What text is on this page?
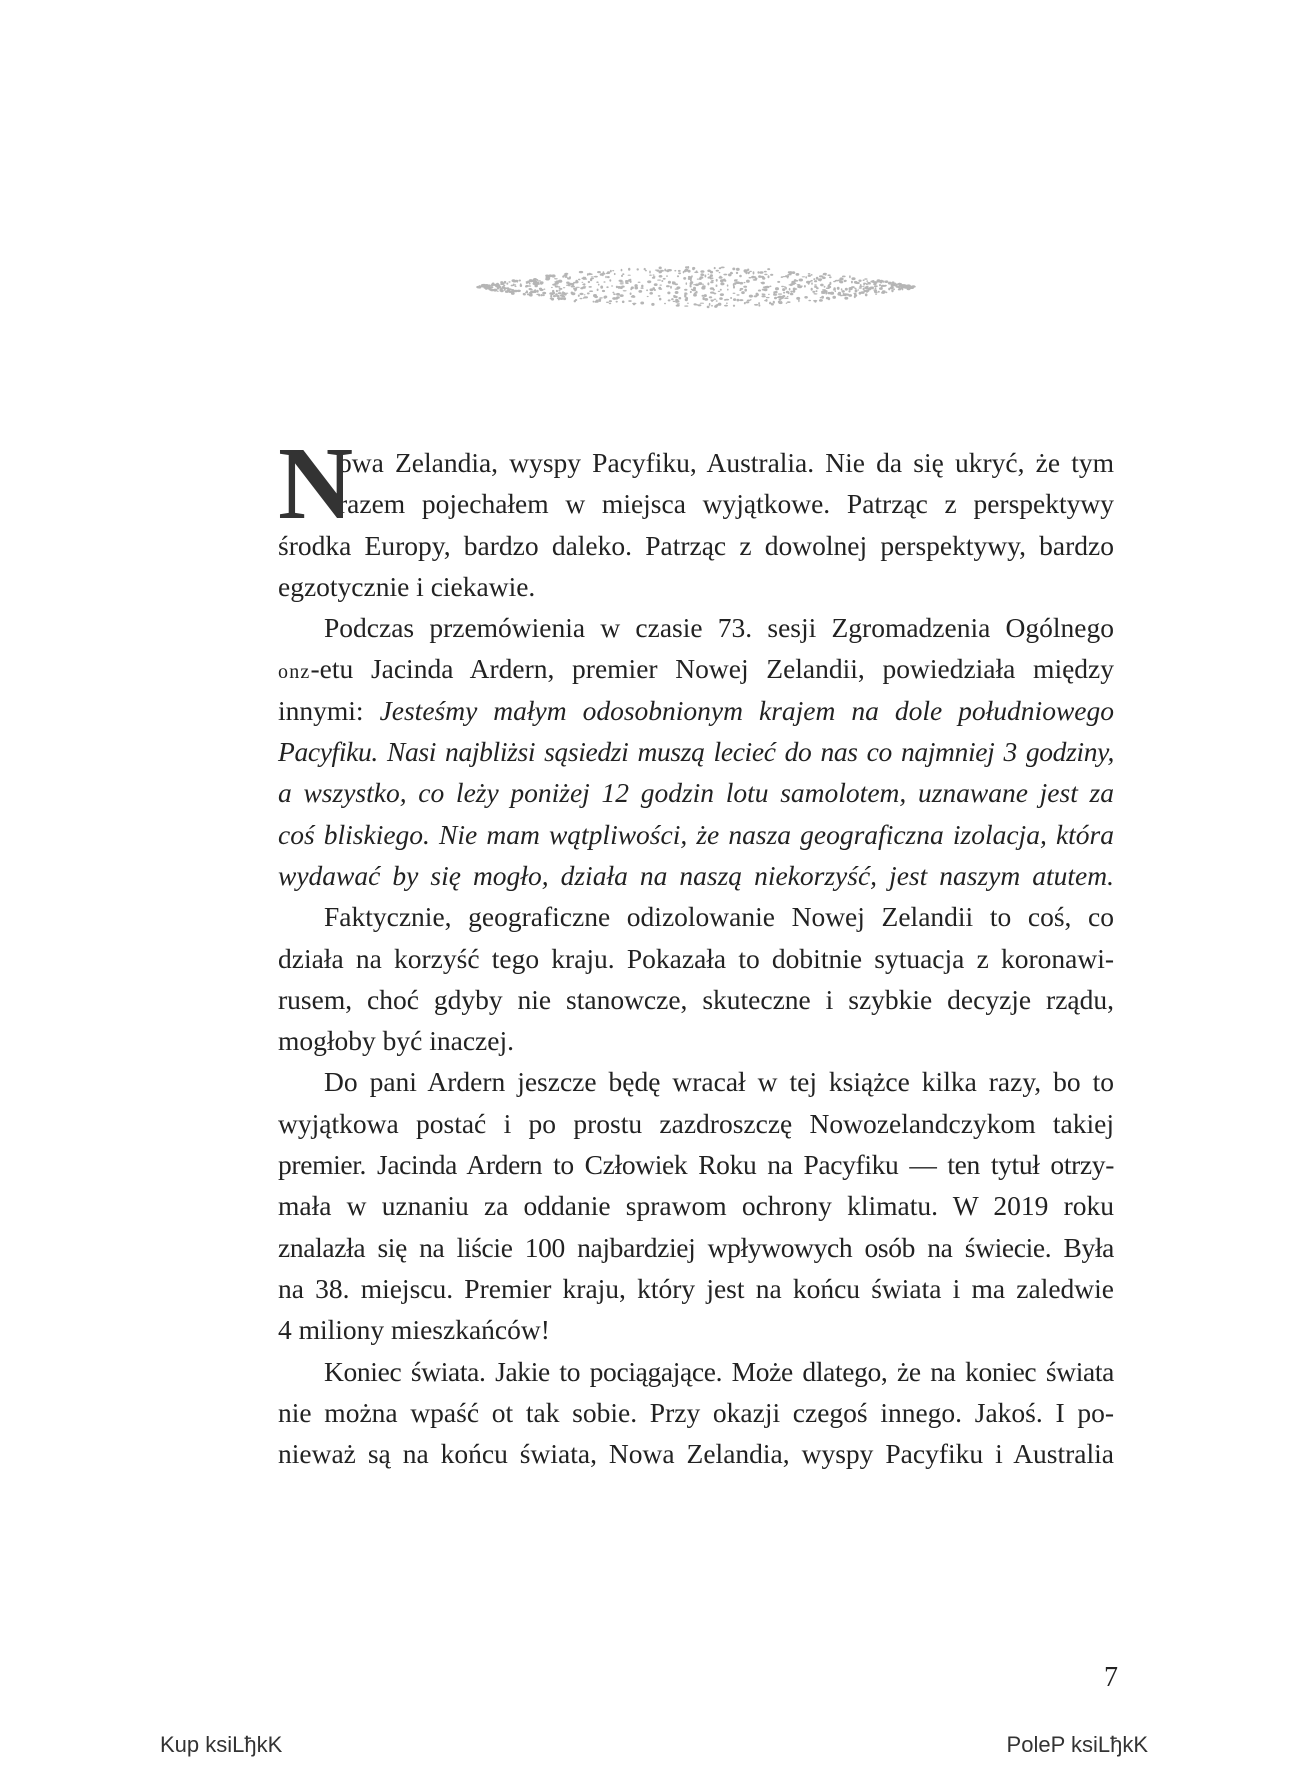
N
owa Zelandia, wyspy Pacyfiku, Australia. Nie da się ukryć, że tym
razem pojechałem w miejsca wyjątkowe. Patrząc z perspektywy
środka Europy, bardzo daleko. Patrząc z dowolnej perspektywy, bardzo
egzotycznie i ciekawie.
Podczas przemówienia w czasie 73. sesji Zgromadzenia Ogólnego
onz-etu Jacinda Ardern, premier Nowej Zelandii, powiedziała między
innymi: Jesteśmy małym odosobnionym krajem na dole południowego
Pacyfiku. Nasi najbliżsi sąsiedzi muszą lecieć do nas co najmniej 3 godziny,
a wszystko, co leży poniżej 12 godzin lotu samolotem, uznawane jest za
coś bliskiego. Nie mam wątpliwości, że nasza geograficzna izolacja, która
wydawać by się mogło, działa na naszą niekorzyść, jest naszym atutem.
Faktycznie, geograficzne odizolowanie Nowej Zelandii to coś, co
działa na korzyść tego kraju. Pokazała to dobitnie sytuacja z koronawi-
rusem, choć gdyby nie stanowcze, skuteczne i szybkie decyzje rządu,
mogłoby być inaczej.
Do pani Ardern jeszcze będę wracał w tej książce kilka razy, bo to
wyjątkowa postać i po prostu zazdroszczę Nowozelandczykom takiej
premier. Jacinda Ardern to Człowiek Roku na Pacyfiku — ten tytuł otrzy-
mała w uznaniu za oddanie sprawom ochrony klimatu. W 2019 roku
znalazła się na liście 100 najbardziej wpływowych osób na świecie. Była
na 38. miejscu. Premier kraju, który jest na końcu świata i ma zaledwie
4 miliony mieszkańców!
Koniec świata. Jakie to pociągające. Może dlatego, że na koniec świata
nie można wpaść ot tak sobie. Przy okazji czegoś innego. Jakoś. I po-
nieważ są na końcu świata, Nowa Zelandia, wyspy Pacyfiku i Australia
7
Kup ksiLђkK	PoleP ksiLђkK
